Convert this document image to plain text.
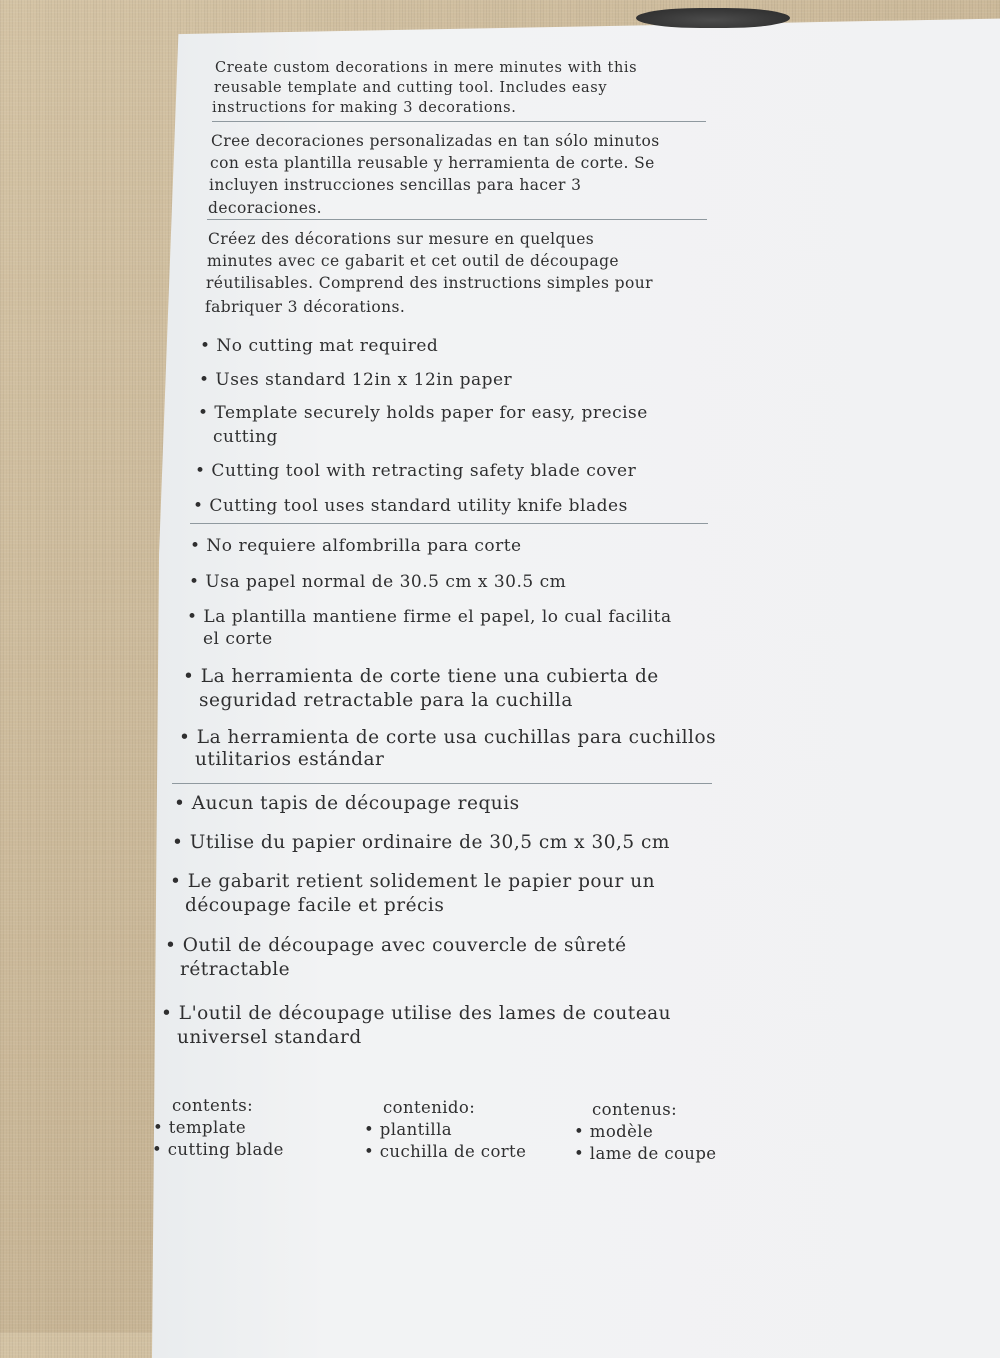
Create custom decorations in mere minutes with this
reusable template and cutting tool. Includes easy
instructions for making 3 decorations.
Cree decoraciones personalizadas en tan sólo minutos
con esta plantilla reusable y herramienta de corte. Se
incluyen instrucciones sencillas para hacer 3
decoraciones.
Créez des décorations sur mesure en quelques
minutes avec ce gabarit et cet outil de découpage
réutilisables. Comprend des instructions simples pour
fabriquer 3 décorations.
• No cutting mat required
• Uses standard 12in x 12in paper
• Template securely holds paper for easy, precise
cutting
• Cutting tool with retracting safety blade cover
• Cutting tool uses standard utility knife blades
• No requiere alfombrilla para corte
• Usa papel normal de 30.5 cm x 30.5 cm
• La plantilla mantiene firme el papel, lo cual facilita
el corte
• La herramienta de corte tiene una cubierta de
seguridad retractable para la cuchilla
• La herramienta de corte usa cuchillas para cuchillos
utilitarios estándar
• Aucun tapis de découpage requis
• Utilise du papier ordinaire de 30,5 cm x 30,5 cm
• Le gabarit retient solidement le papier pour un
découpage facile et précis
• Outil de découpage avec couvercle de sûreté
rétractable
• L'outil de découpage utilise des lames de couteau
universel standard
contents:
• template
• cutting blade
contenido:
• plantilla
• cuchilla de corte
contenus:
• modèle
• lame de coupe
